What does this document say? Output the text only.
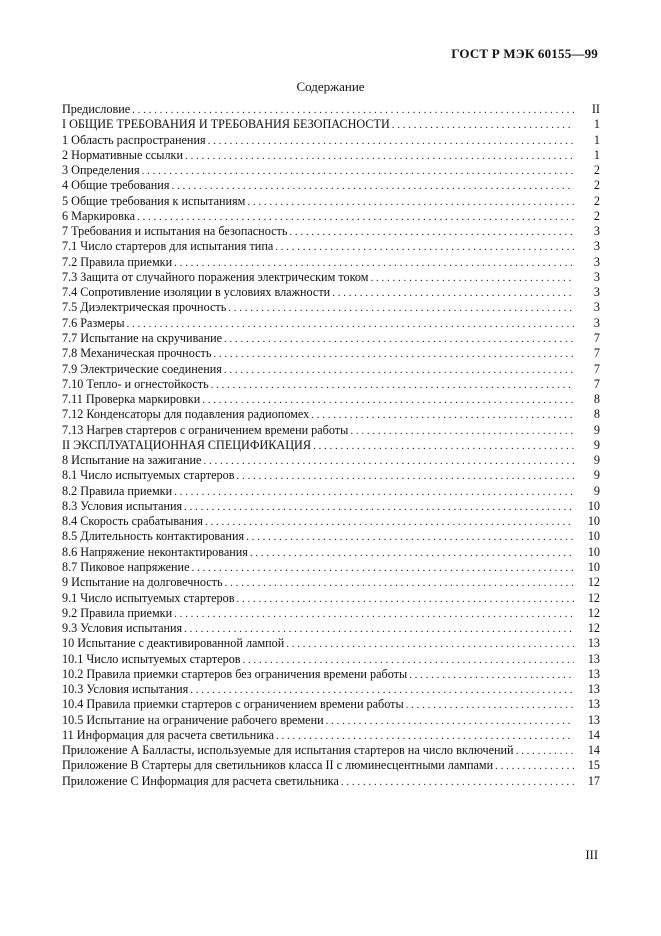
ГОСТ Р МЭК 60155—99
Содержание
Предисловие . . .	II
I ОБЩИЕ ТРЕБОВАНИЯ И ТРЕБОВАНИЯ БЕЗОПАСНОСТИ . . .	1
1 Область распространения . . .	1
2 Нормативные ссылки . . .	1
3 Определения . . .	2
4 Общие требования . . .	2
5 Общие требования к испытаниям . . .	2
6 Маркировка . . .	2
7 Требования и испытания на безопасность . . .	3
7.1 Число стартеров для испытания типа . . .	3
7.2 Правила приемки . . .	3
7.3 Защита от случайного поражения электрическим током . . .	3
7.4 Сопротивление изоляции в условиях влажности . . .	3
7.5 Диэлектрическая прочность . . .	3
7.6 Размеры . . .	3
7.7 Испытание на скручивание . . .	7
7.8 Механическая прочность . . .	7
7.9 Электрические соединения . . .	7
7.10 Тепло- и огнестойкость . . .	7
7.11 Проверка маркировки . . .	8
7.12 Конденсаторы для подавления радиопомех . . .	8
7.13 Нагрев стартеров с ограничением времени работы . . .	9
II ЭКСПЛУАТАЦИОННАЯ СПЕЦИФИКАЦИЯ . . .	9
8 Испытание на зажигание . . .	9
8.1 Число испытуемых стартеров . . .	9
8.2 Правила приемки . . .	9
8.3 Условия испытания . . .	10
8.4 Скорость срабатывания . . .	10
8.5 Длительность контактирования . . .	10
8.6 Напряжение неконтактирования . . .	10
8.7 Пиковое напряжение . . .	10
9 Испытание на долговечность . . .	12
9.1 Число испытуемых стартеров . . .	12
9.2 Правила приемки . . .	12
9.3 Условия испытания . . .	12
10 Испытание с деактивированной лампой . . .	13
10.1 Число испытуемых стартеров . . .	13
10.2 Правила приемки стартеров без ограничения времени работы . . .	13
10.3 Условия испытания . . .	13
10.4 Правила приемки стартеров с ограничением времени работы . . .	13
10.5 Испытание на ограничение рабочего времени . . .	13
11 Информация для расчета светильника . . .	14
Приложение А Балласты, используемые для испытания стартеров на число включений . . .	14
Приложение В Стартеры для светильников класса II с люминесцентными лампами . . .	15
Приложение С Информация для расчета светильника . . .	17
III
